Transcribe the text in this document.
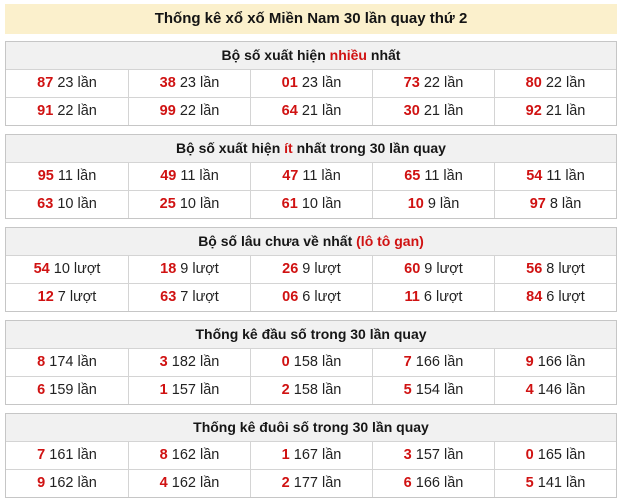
Thống kê xổ xố Miền Nam 30 lần quay thứ 2
Bộ số xuất hiện nhiều nhất
87 23 lần	38 23 lần	01 23 lần	73 22 lần	80 22 lần
91 22 lần	99 22 lần	64 21 lần	30 21 lần	92 21 lần
Bộ số xuất hiện ít nhất trong 30 lần quay
95 11 lần	49 11 lần	47 11 lần	65 11 lần	54 11 lần
63 10 lần	25 10 lần	61 10 lần	10 9 lần	97 8 lần
Bộ số lâu chưa về nhất (lô tô gan)
54 10 lượt	18 9 lượt	26 9 lượt	60 9 lượt	56 8 lượt
12 7 lượt	63 7 lượt	06 6 lượt	11 6 lượt	84 6 lượt
Thống kê đầu số trong 30 lần quay
8 174 lần	3 182 lần	0 158 lần	7 166 lần	9 166 lần
6 159 lần	1 157 lần	2 158 lần	5 154 lần	4 146 lần
Thống kê đuôi số trong 30 lần quay
7 161 lần	8 162 lần	1 167 lần	3 157 lần	0 165 lần
9 162 lần	4 162 lần	2 177 lần	6 166 lần	5 141 lần
